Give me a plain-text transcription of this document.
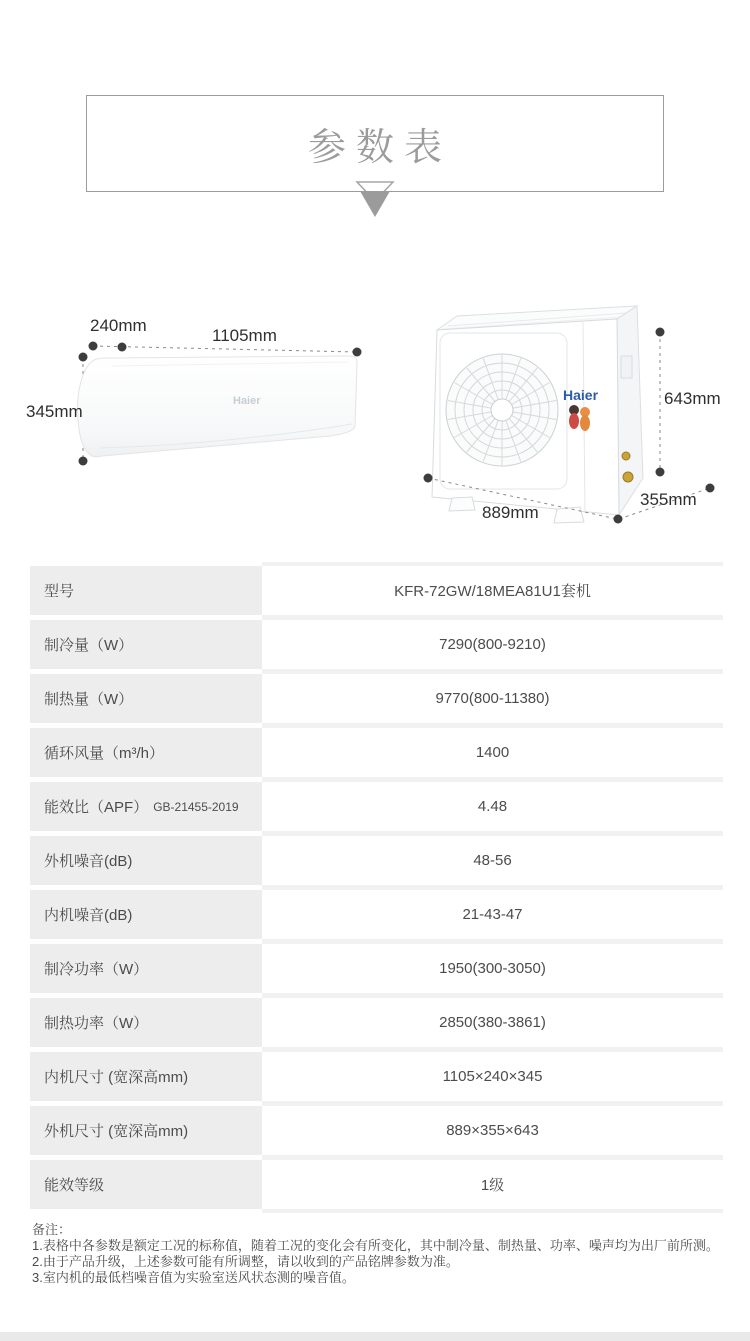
参数表
Haier	Haier
240mm
1105mm
345mm
643mm
355mm
889mm
型号	KFR-72GW/18MEA81U1套机
制冷量（W）	7290(800-9210)
制热量（W）	9770(800-11380)
循环风量（m³/h）	1400
能效比（APF） GB-21455-2019	4.48
外机噪音(dB)	48-56
内机噪音(dB)	21-43-47
制冷功率（W）	1950(300-3050)
制热功率（W）	2850(380-3861)
内机尺寸 (宽深高mm)	1105×240×345
外机尺寸 (宽深高mm)	889×355×643
能效等级	1级
备注：
1.表格中各参数是额定工况的标称值，随着工况的变化会有所变化，其中制冷量、制热量、功率、噪声均为出厂前所测。
2.由于产品升级，上述参数可能有所调整，请以收到的产品铭牌参数为准。
3.室内机的最低档噪音值为实验室送风状态测的噪音值。
